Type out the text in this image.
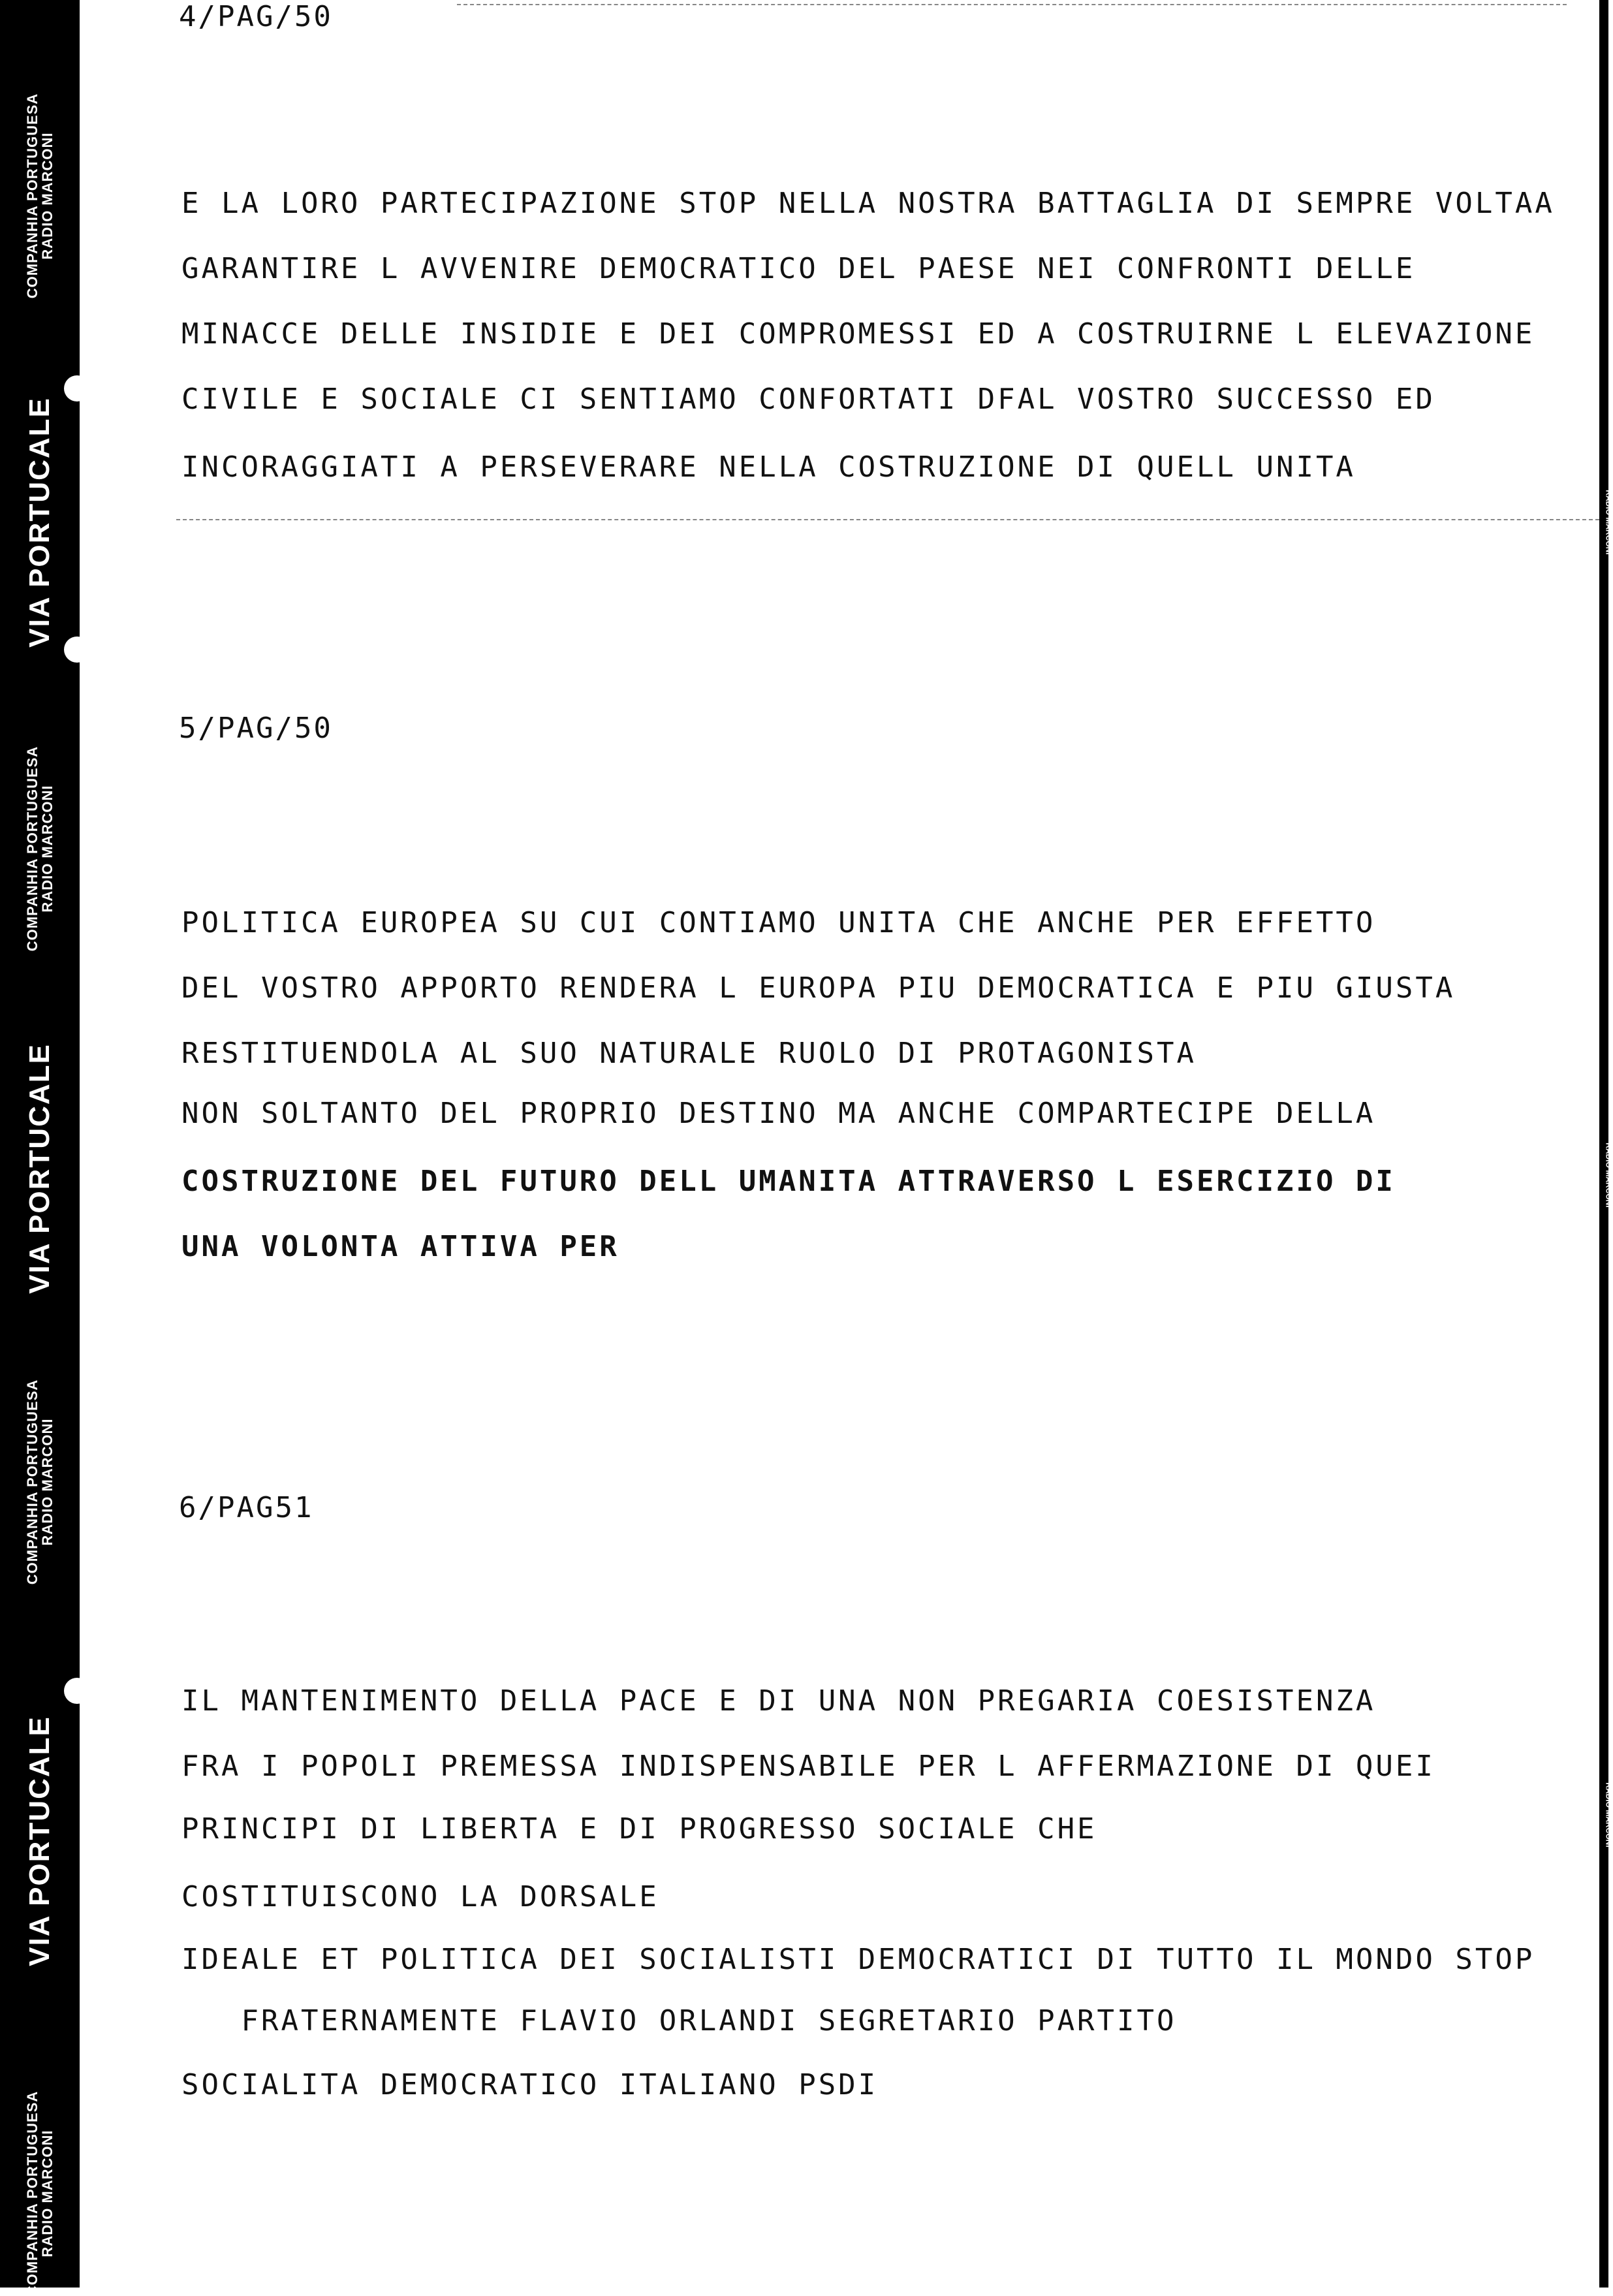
COMPANHIA PORTUGUESA
RADIO MARCONI
VIA PORTUCALE
COMPANHIA PORTUGUESA
RADIO MARCONI
VIA PORTUCALE
COMPANHIA PORTUGUESA
RADIO MARCONI
VIA PORTUCALE
COMPANHIA PORTUGUESA
RADIO MARCONI
RADIO MARCONI
RADIO MARCONI
RADIO MARCONI
4/PAG/50
E LA LORO PARTECIPAZIONE STOP NELLA NOSTRA BATTAGLIA DI SEMPRE VOLTAA
GARANTIRE L AVVENIRE DEMOCRATICO DEL PAESE NEI CONFRONTI DELLE
MINACCE DELLE INSIDIE E DEI COMPROMESSI ED A COSTRUIRNE L ELEVAZIONE
CIVILE E SOCIALE CI SENTIAMO CONFORTATI DFAL VOSTRO SUCCESSO ED
INCORAGGIATI A PERSEVERARE NELLA COSTRUZIONE DI QUELL UNITA
5/PAG/50
POLITICA EUROPEA SU CUI CONTIAMO UNITA CHE ANCHE PER EFFETTO
DEL VOSTRO APPORTO RENDERA L EUROPA PIU DEMOCRATICA E PIU GIUSTA
RESTITUENDOLA AL SUO NATURALE RUOLO DI PROTAGONISTA
NON SOLTANTO DEL PROPRIO DESTINO MA ANCHE COMPARTECIPE DELLA
COSTRUZIONE DEL FUTURO DELL UMANITA ATTRAVERSO L ESERCIZIO DI
UNA VOLONTA ATTIVA PER
6/PAG51
IL MANTENIMENTO DELLA PACE E DI UNA NON PREGARIA COESISTENZA
FRA I POPOLI PREMESSA INDISPENSABILE PER L AFFERMAZIONE DI QUEI
PRINCIPI DI LIBERTA E DI PROGRESSO SOCIALE CHE
COSTITUISCONO LA DORSALE
IDEALE ET POLITICA DEI SOCIALISTI DEMOCRATICI DI TUTTO IL MONDO STOP
FRATERNAMENTE FLAVIO ORLANDI SEGRETARIO PARTITO
SOCIALITA DEMOCRATICO ITALIANO PSDI
